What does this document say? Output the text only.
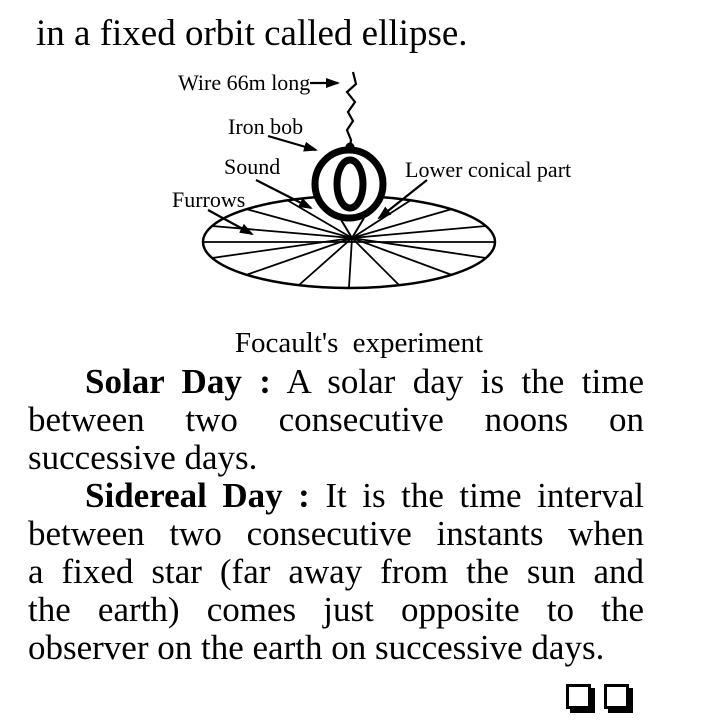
in a fixed orbit called ellipse.
Wire 66m long
Iron bob
Sound	Lower conical part
Furrows
Focault's experiment
Solar Day : A solar day is the time
between two consecutive noons on
successive days.
Sidereal Day : It is the time interval
between two consecutive instants when
a fixed star (far away from the sun and
the earth) comes just opposite to the
observer on the earth on successive days.
